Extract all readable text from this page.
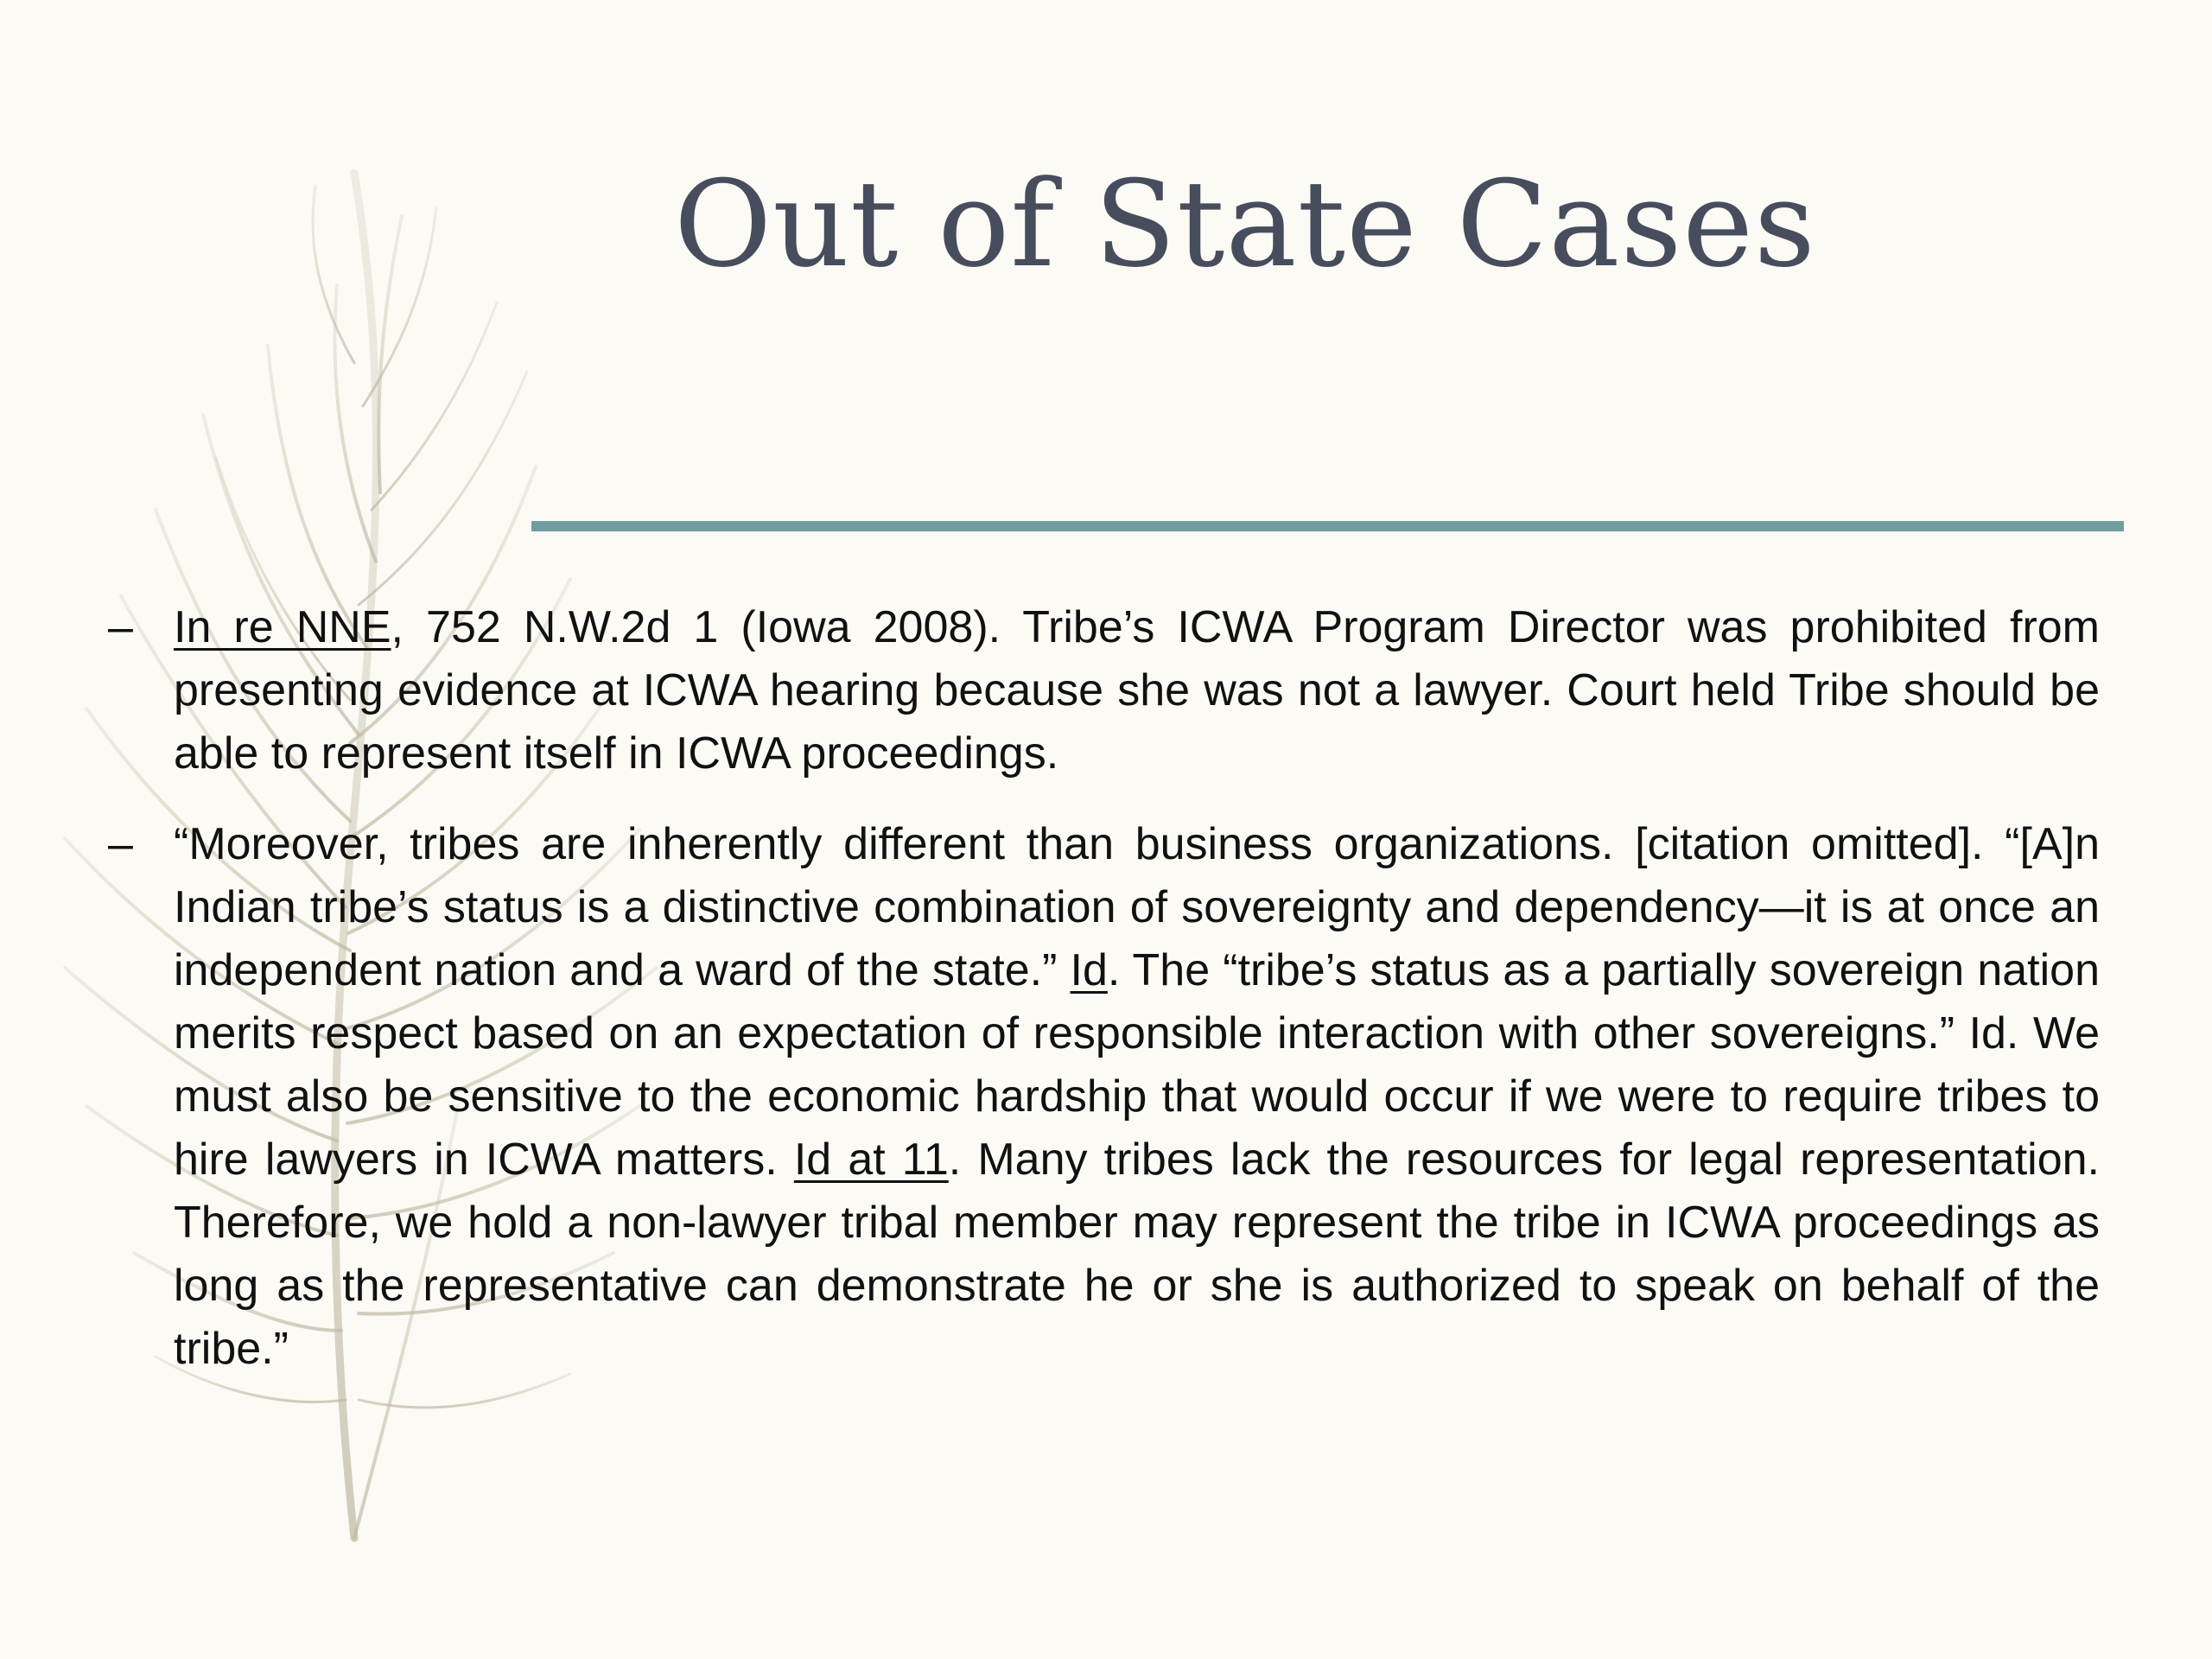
Out of State Cases

– In re NNE, 752 N.W.2d 1 (Iowa 2008). Tribe’s ICWA Program Director was prohibited from presenting evidence at ICWA hearing because she was not a lawyer. Court held Tribe should be able to represent itself in ICWA proceedings.

– “Moreover, tribes are inherently different than business organizations. [citation omitted]. “[A]n Indian tribe’s status is a distinctive combination of sovereignty and dependency—it is at once an independent nation and a ward of the state.” Id. The “tribe’s status as a partially sovereign nation merits respect based on an expectation of responsible interaction with other sovereigns.” Id. We must also be sensitive to the economic hardship that would occur if we were to require tribes to hire lawyers in ICWA matters. Id at 11. Many tribes lack the resources for legal representation. Therefore, we hold a non-lawyer tribal member may represent the tribe in ICWA proceedings as long as the representative can demonstrate he or she is authorized to speak on behalf of the tribe.”
